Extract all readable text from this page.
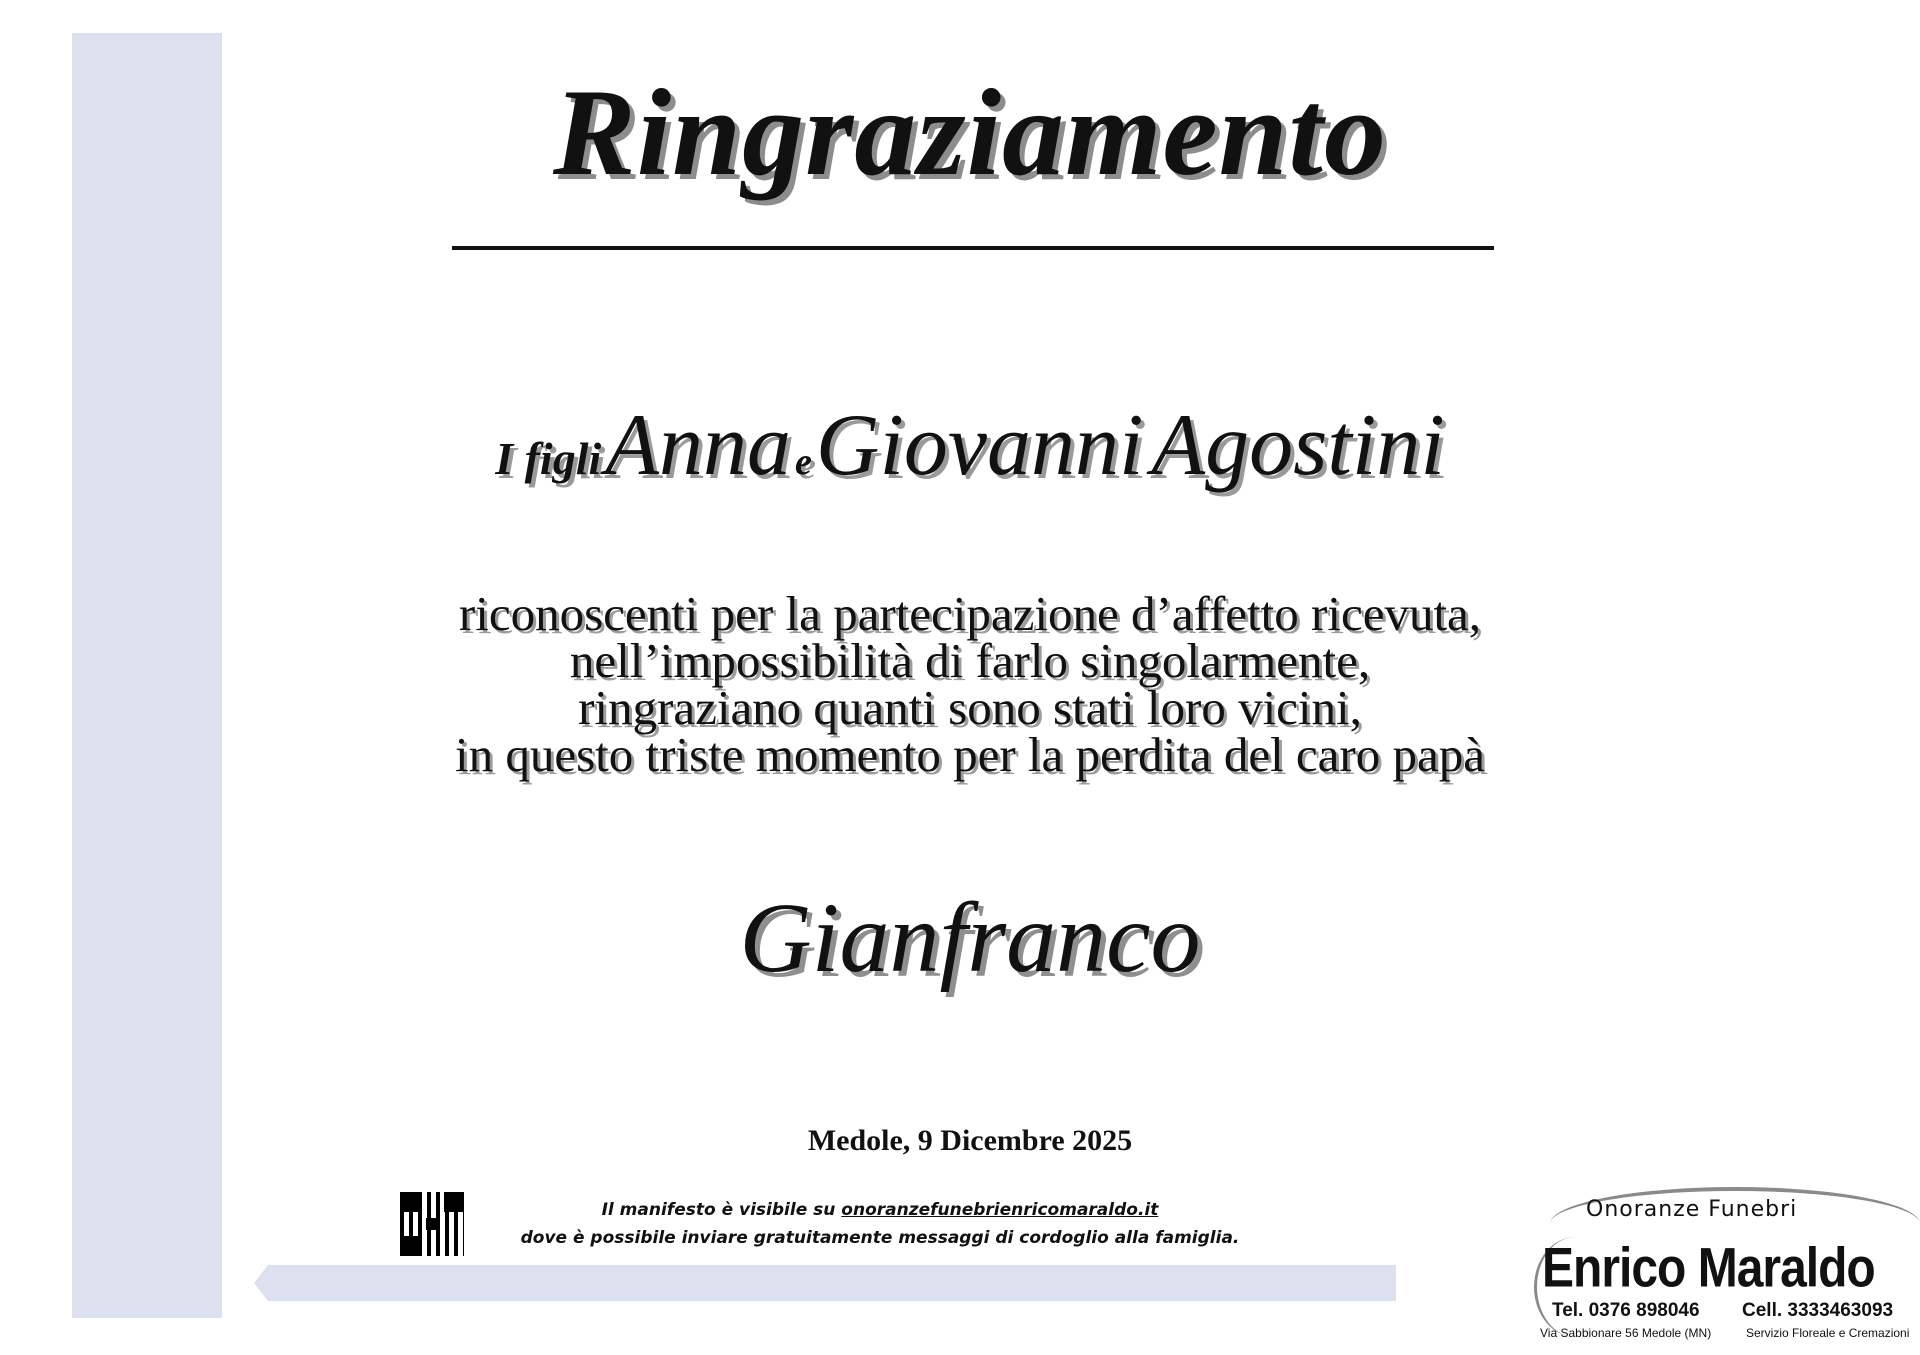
Ringraziamento
I figli Anna e Giovanni  Agostini
riconoscenti per la partecipazione d’affetto ricevuta,
nell’impossibilità di farlo singolarmente,
ringraziano quanti sono stati loro vicini,
in questo triste momento per la perdita del caro papà
Gianfranco
Medole, 9 Dicembre 2025
Il manifesto è visibile su onoranzefunebrienricomaraldo.it
dove è possibile inviare gratuitamente messaggi di cordoglio alla famiglia.
Onoranze Funebri
Enrico Maraldo
Tel. 0376 898046 Cell. 3333463093
Via Sabbionare 56 Medole (MN)	Servizio Floreale e Cremazioni
